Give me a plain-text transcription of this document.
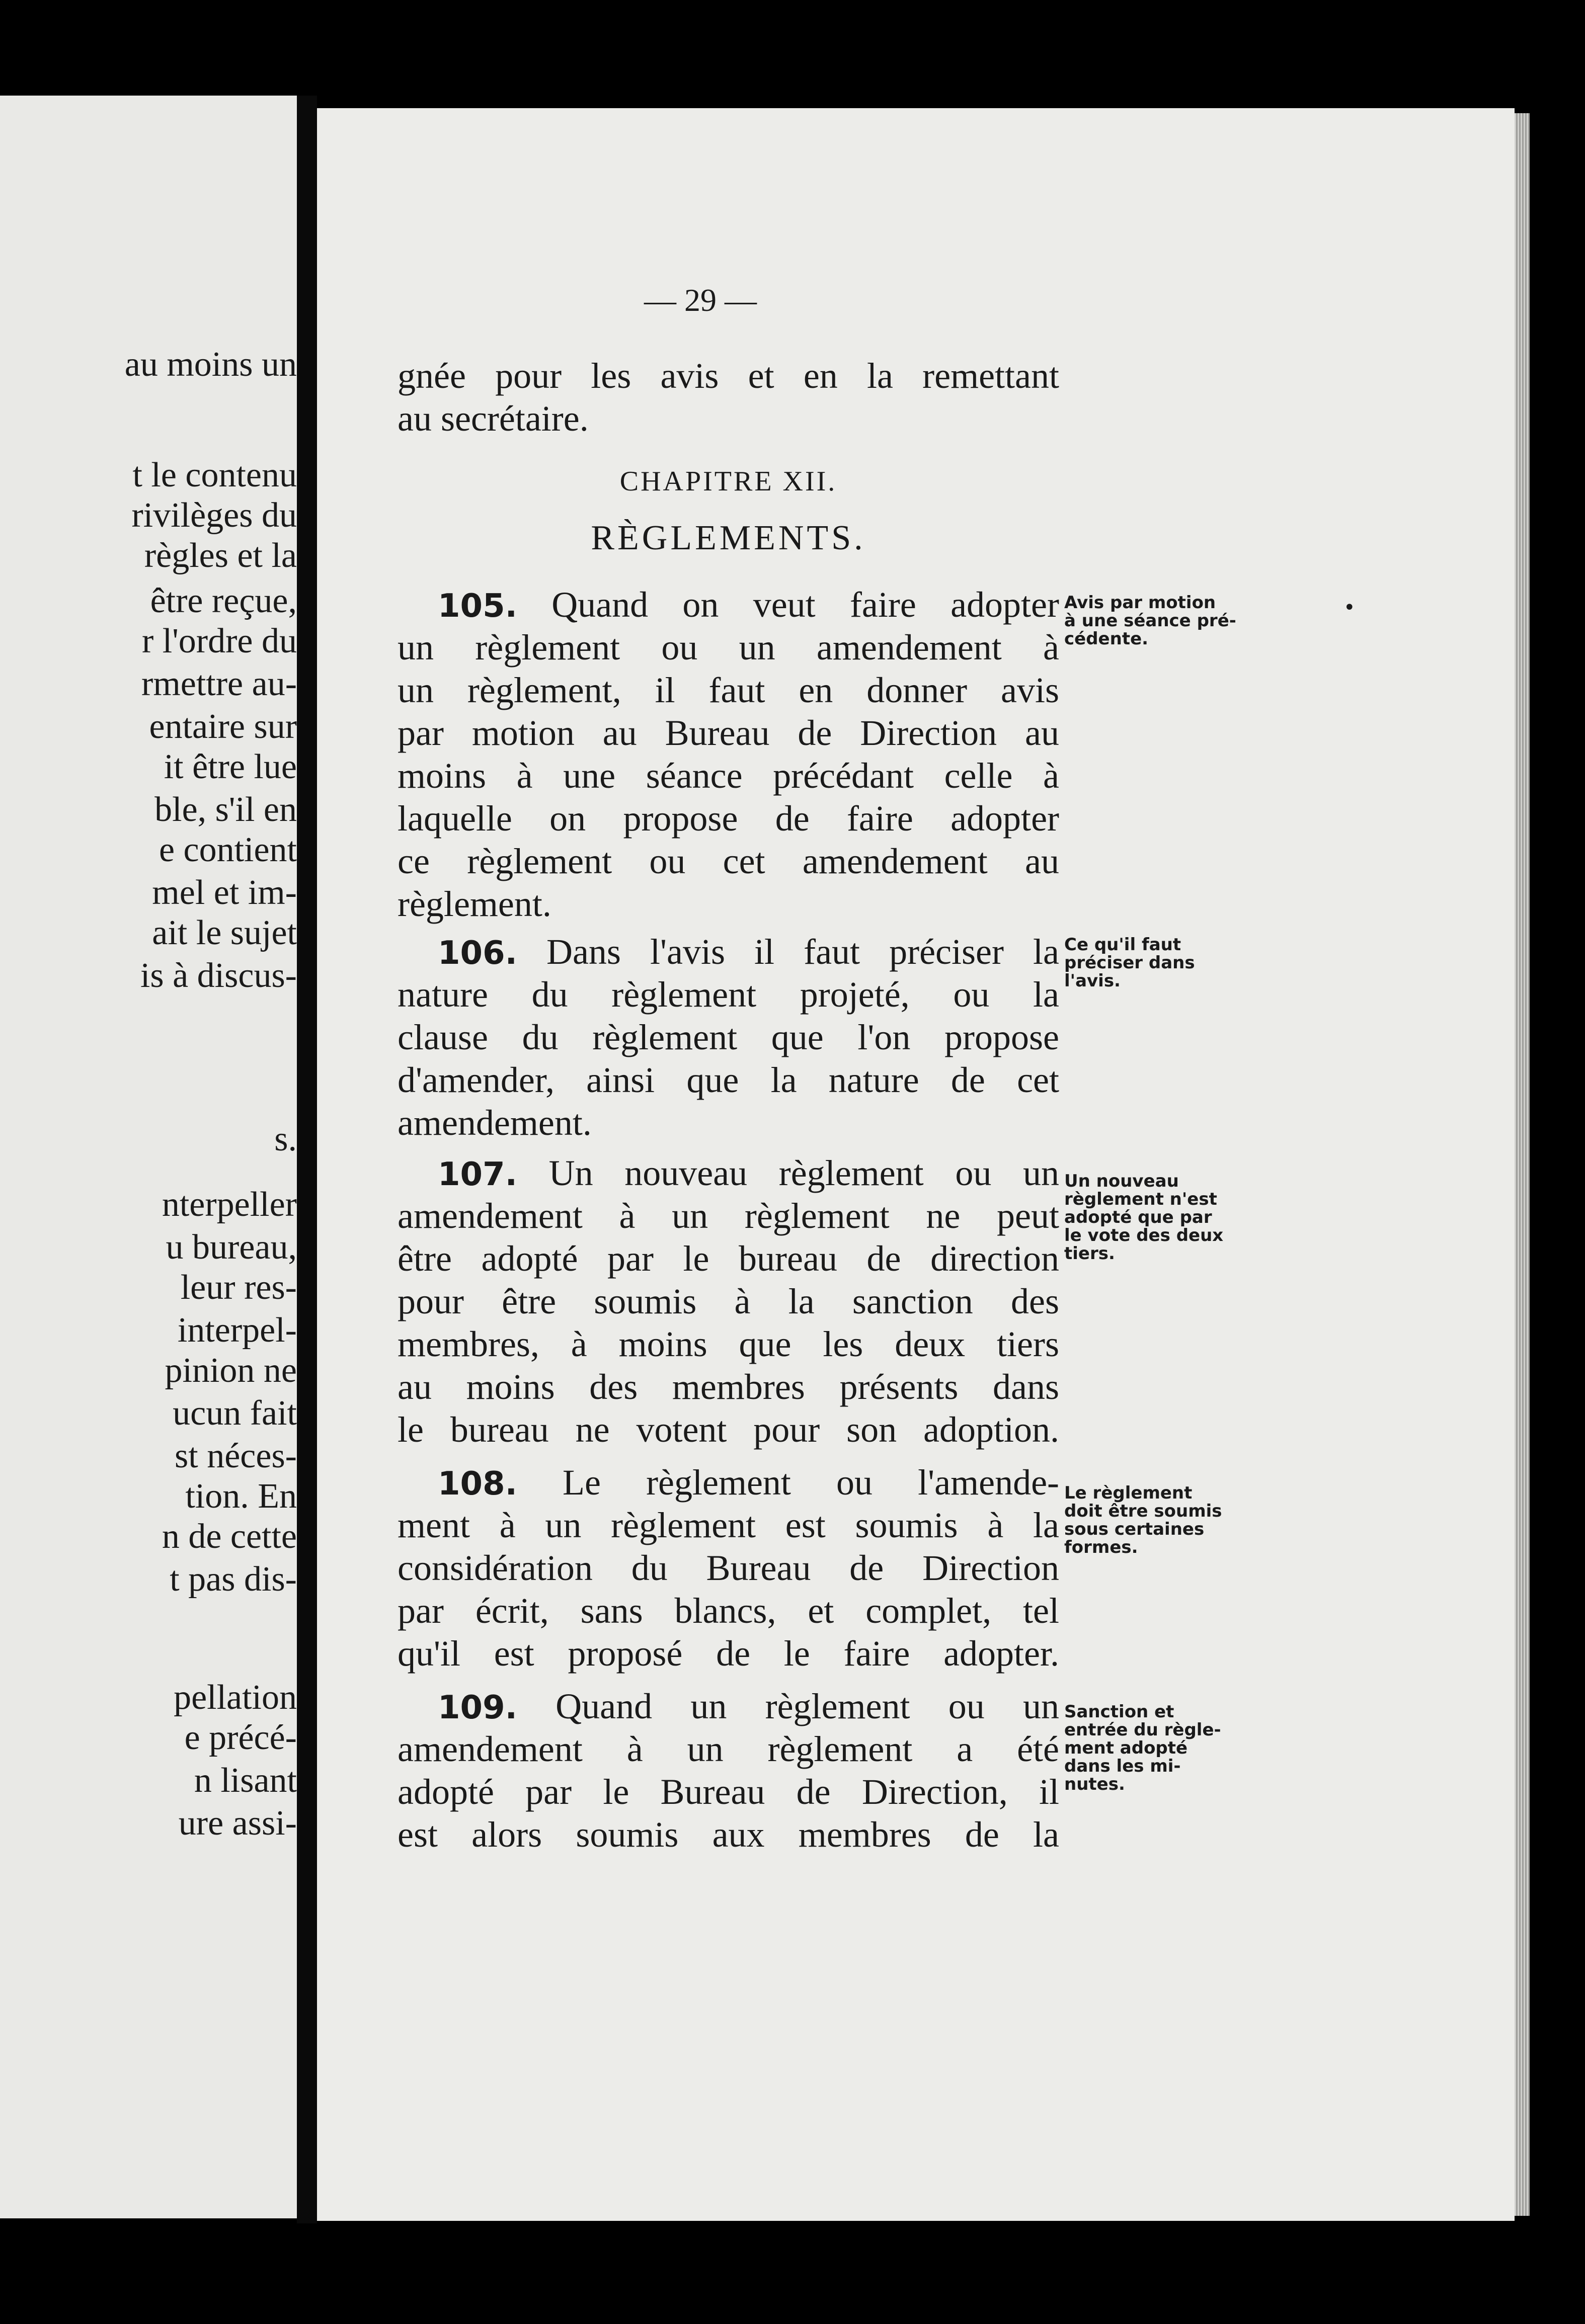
au moins un
t le contenu
rivilèges du
règles et la
être reçue,
r l'ordre du
rmettre au-
entaire sur
it être lue
ble, s'il en
e contient
mel et im-
ait le sujet
is à discus-
s.
nterpeller
u bureau,
leur res-
interpel-
pinion ne
ucun fait
st néces-
tion. En
n de cette
t pas dis-
pellation
e précé-
n lisant
ure assi-
— 29 —
CHAPITRE XII.
gnée pour les avis et en la remettant
au secrétaire.
RÈGLEMENTS.
105. Quand on veut faire adopter
un règlement ou un amendement à
un règlement, il faut en donner avis
par motion au Bureau de Direction au
moins à une séance précédant celle à
laquelle on propose de faire adopter
ce règlement ou cet amendement au
règlement.
106. Dans l'avis il faut préciser la
nature du règlement projeté, ou la
clause du règlement que l'on propose
d'amender, ainsi que la nature de cet
amendement.
107. Un nouveau règlement ou un
amendement à un règlement ne peut
être adopté par le bureau de direction
pour être soumis à la sanction des
membres, à moins que les deux tiers
au moins des membres présents dans
le bureau ne votent pour son adoption.
108. Le règlement ou l'amende-
ment à un règlement est soumis à la
considération du Bureau de Direction
par écrit, sans blancs, et complet, tel
qu'il est proposé de le faire adopter.
109. Quand un règlement ou un
amendement à un règlement a été
adopté par le Bureau de Direction, il
est alors soumis aux membres de la
Avis par motion
à une séance pré-
cédente.
Ce qu'il faut
préciser dans
l'avis.
Un nouveau
règlement n'est
adopté que par
le vote des deux
tiers.
Le règlement
doit être soumis
sous certaines
formes.
Sanction et
entrée du règle-
ment adopté
dans les mi-
nutes.
•
